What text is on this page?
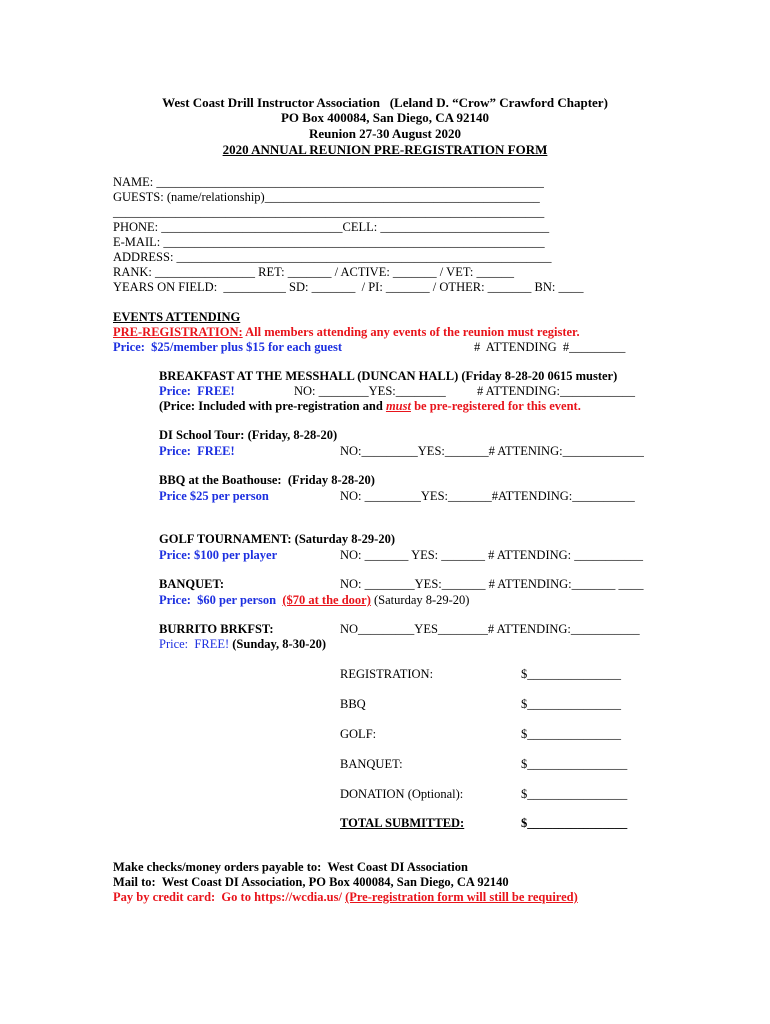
West Coast Drill Instructor Association   (Leland D. “Crow” Crawford Chapter)
PO Box 400084, San Diego, CA 92140
Reunion 27-30 August 2020
2020 ANNUAL REUNION PRE-REGISTRATION FORM
NAME: ______________________________________________________________
GUESTS: (name/relationship)____________________________________________
_____________________________________________________________________
PHONE: _____________________________CELL: ___________________________
E-MAIL: _____________________________________________________________
ADDRESS: ____________________________________________________________
RANK: ________________ RET: _______ / ACTIVE: _______ / VET: ______
YEARS ON FIELD:  __________ SD: _______  / PI: _______ / OTHER: _______ BN: ____
EVENTS ATTENDING
PRE-REGISTRATION: All members attending any events of the reunion must register.
Price:  $25/member plus $15 for each guest	#  ATTENDING  #_________
BREAKFAST AT THE MESSHALL (DUNCAN HALL) (Friday 8-28-20 0615 muster)
Price:  FREE!	NO: ________YES:________          # ATTENDING:____________
(Price: Included with pre-registration and must be pre-registered for this event.
DI School Tour: (Friday, 8-28-20)
Price:  FREE!	NO:_________YES:_______# ATTENING:_____________
BBQ at the Boathouse:  (Friday 8-28-20)
Price $25 per person	NO: _________YES:_______#ATTENDING:__________
GOLF TOURNAMENT: (Saturday 8-29-20)
Price: $100 per player	NO: _______ YES: _______ # ATTENDING: ___________
BANQUET:	NO: ________YES:_______ # ATTENDING:_______ ____
Price:  $60 per person  ($70 at the door) (Saturday 8-29-20)
BURRITO BRKFST:	NO_________YES________# ATTENDING:___________
Price:  FREE! (Sunday, 8-30-20)
REGISTRATION:	$_______________
BBQ	$_______________
GOLF:	$_______________
BANQUET:	$________________
DONATION (Optional):	$________________
TOTAL SUBMITTED:	$________________
Make checks/money orders payable to:  West Coast DI Association
Mail to:  West Coast DI Association, PO Box 400084, San Diego, CA 92140
Pay by credit card:  Go to https://wcdia.us/ (Pre-registration form will still be required)
